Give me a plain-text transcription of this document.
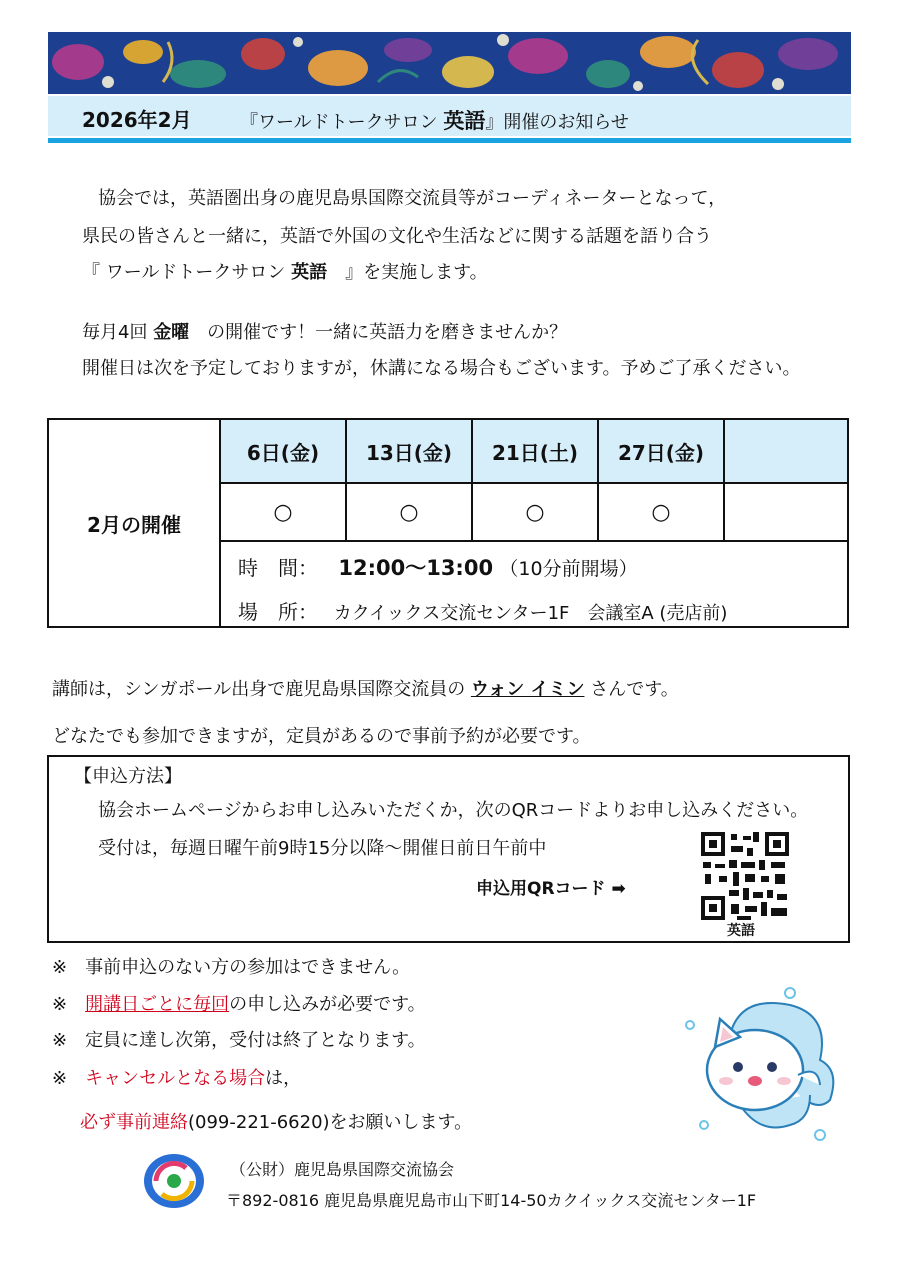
2026年2月	『ワールドトークサロン 英語』開催のお知らせ
協会では，英語圏出身の鹿児島県国際交流員等がコーディネーターとなって，
県民の皆さんと一緒に，英語で外国の文化や生活などに関する話題を語り合う
『 ワールドトークサロン 英語　』を実施します。
毎月4回 金曜　の開催です！一緒に英語力を磨きませんか？
開催日は次を予定しておりますが，休講になる場合もございます。予めご了承ください。
2月の開催
6日(金)	13日(金)	21日(土)	27日(金)
○	○	○	○
時　間： 12:00〜13:00 （10分前開場）
場　所： カクイックス交流センター1F　会議室A (売店前)
講師は，シンガポール出身で鹿児島県国際交流員の ウォン イミン さんです。
どなたでも参加できますが，定員があるので事前予約が必要です。
【申込方法】
協会ホームページからお申し込みいただくか，次のQRコードよりお申し込みください。
受付は，毎週日曜午前9時15分以降〜開催日前日午前中
申込用QRコード ➡
英語
※　事前申込のない方の参加はできません。
※　開講日ごとに毎回の申し込みが必要です。
※　定員に達し次第，受付は終了となります。
※　キャンセルとなる場合は，
必ず事前連絡(099-221-6620)をお願いします。
（公財）鹿児島県国際交流協会
〒892-0816 鹿児島県鹿児島市山下町14-50カクイックス交流センター1F
